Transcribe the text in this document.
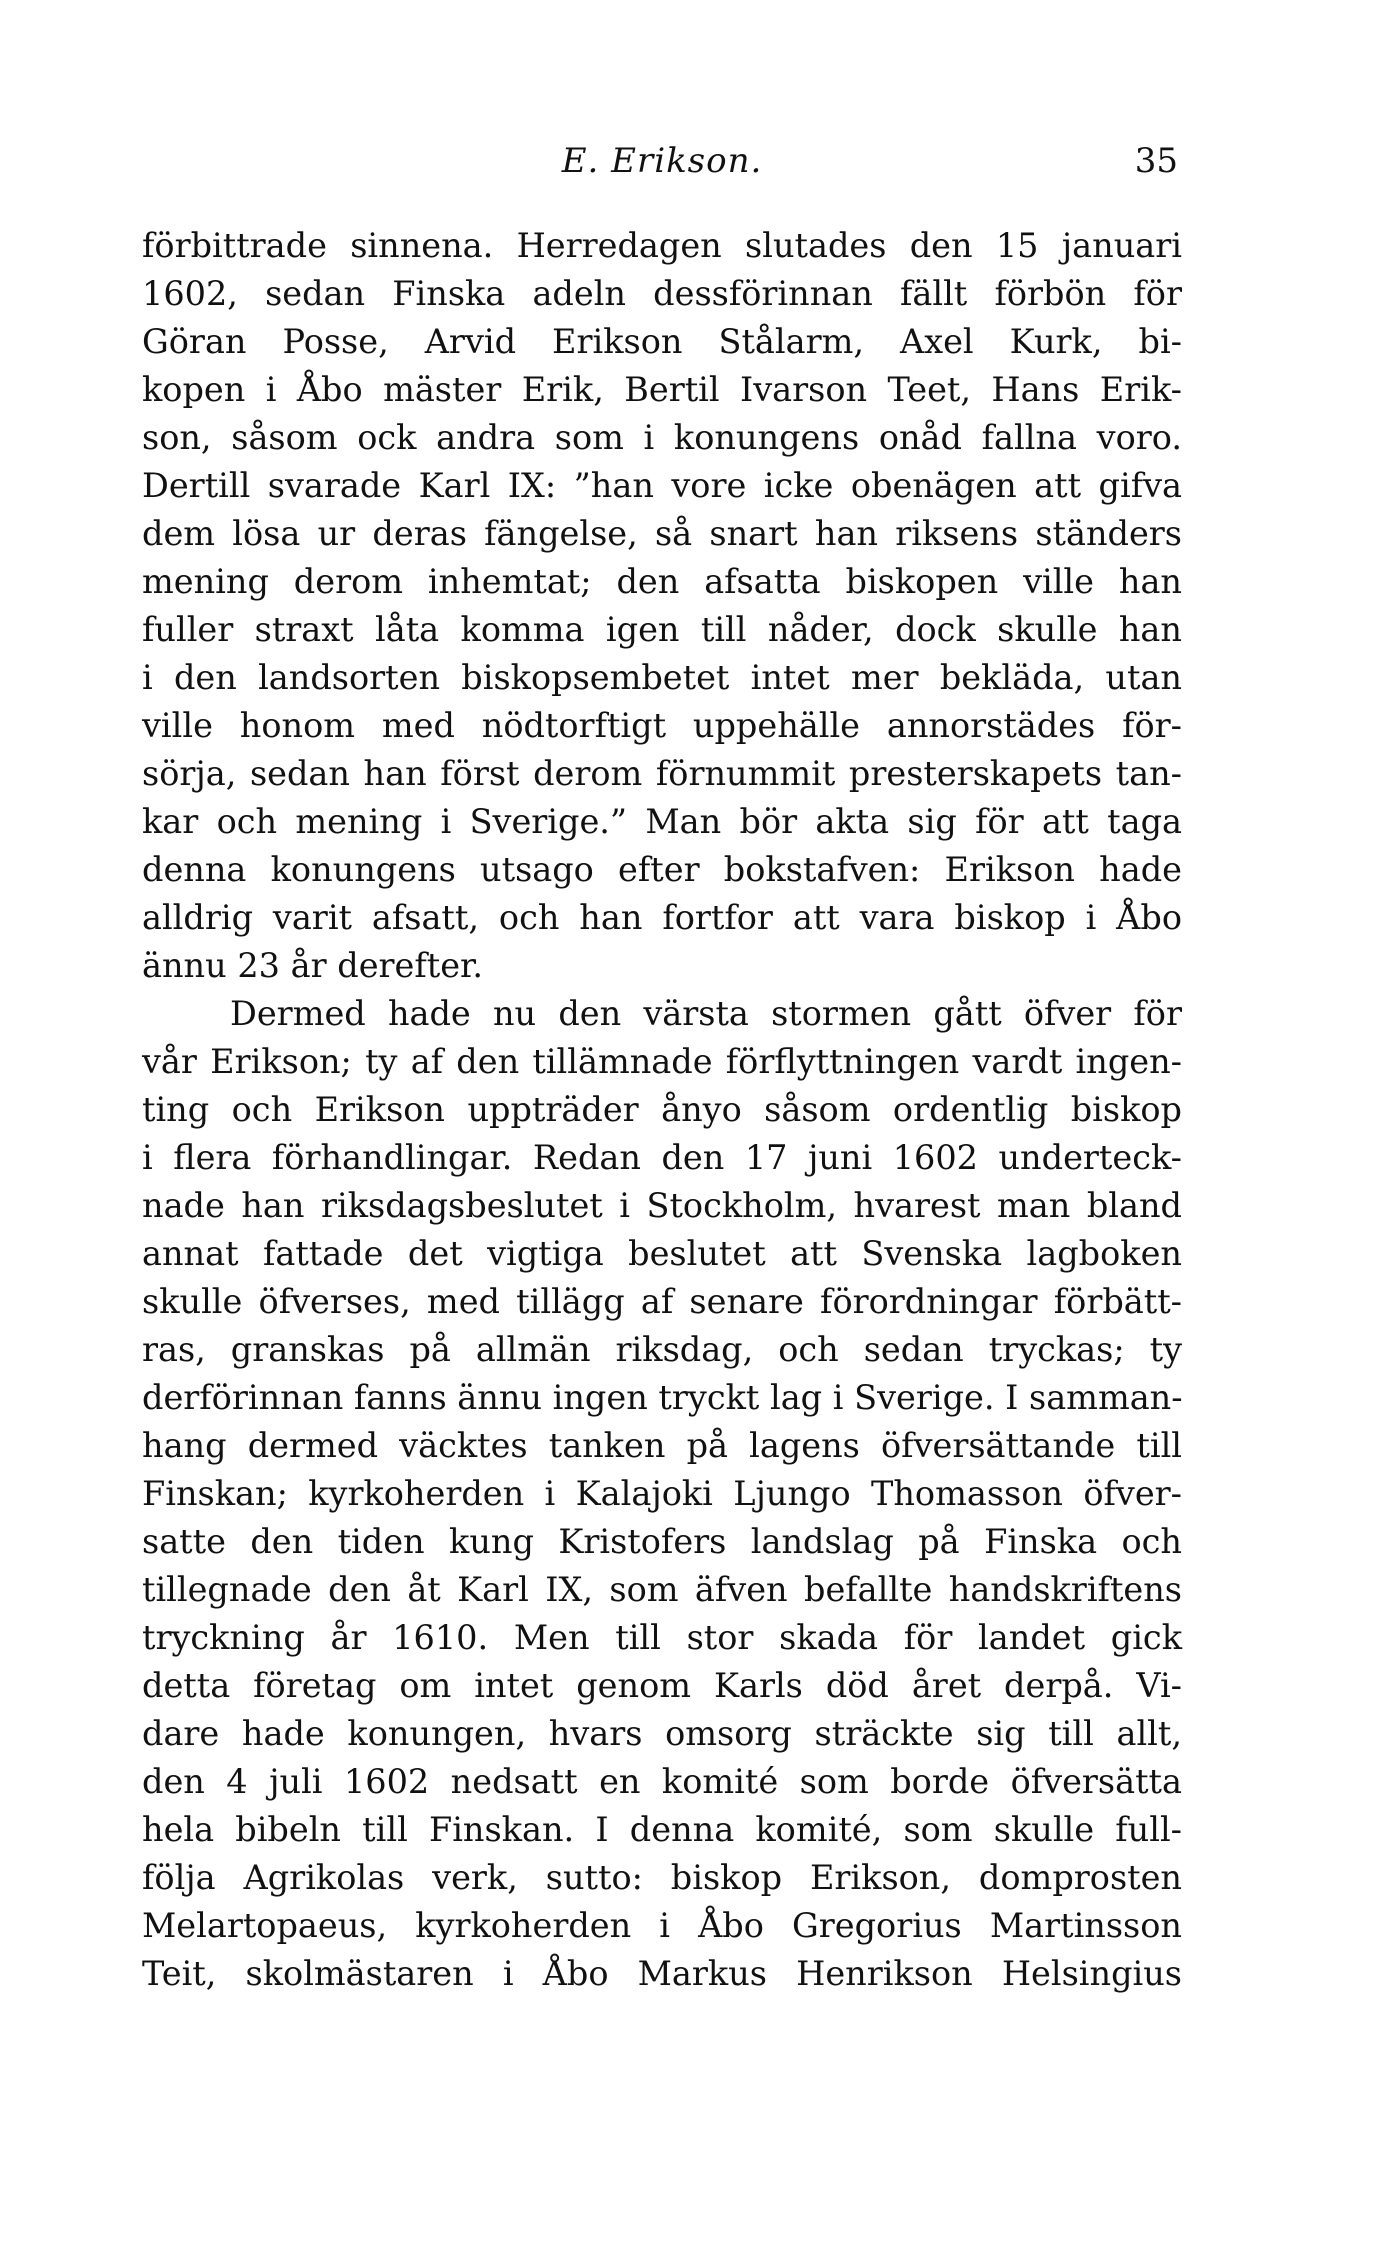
E. Erikson.	35
förbittrade sinnena. Herredagen slutades den 15 januari
1602, sedan Finska adeln dessförinnan fällt förbön för
Göran Posse, Arvid Erikson Stålarm, Axel Kurk, bi-
kopen i Åbo mäster Erik, Bertil Ivarson Teet, Hans Erik-
son, såsom ock andra som i konungens onåd fallna voro.
Dertill svarade Karl IX: ”han vore icke obenägen att gifva
dem lösa ur deras fängelse, så snart han riksens ständers
mening derom inhemtat; den afsatta biskopen ville han
fuller straxt låta komma igen till nåder, dock skulle han
i den landsorten biskopsembetet intet mer bekläda, utan
ville honom med nödtorftigt uppehälle annorstädes för-
sörja, sedan han först derom förnummit presterskapets tan-
kar och mening i Sverige.” Man bör akta sig för att taga
denna konungens utsago efter bokstafven: Erikson hade
alldrig varit afsatt, och han fortfor att vara biskop i Åbo
ännu 23 år derefter.
Dermed hade nu den värsta stormen gått öfver för
vår Erikson; ty af den tillämnade förflyttningen vardt ingen-
ting och Erikson uppträder ånyo såsom ordentlig biskop
i flera förhandlingar. Redan den 17 juni 1602 underteck-
nade han riksdagsbeslutet i Stockholm, hvarest man bland
annat fattade det vigtiga beslutet att Svenska lagboken
skulle öfverses, med tillägg af senare förordningar förbätt-
ras, granskas på allmän riksdag, och sedan tryckas; ty
derförinnan fanns ännu ingen tryckt lag i Sverige. I samman-
hang dermed väcktes tanken på lagens öfversättande till
Finskan; kyrkoherden i Kalajoki Ljungo Thomasson öfver-
satte den tiden kung Kristofers landslag på Finska och
tillegnade den åt Karl IX, som äfven befallte handskriftens
tryckning år 1610. Men till stor skada för landet gick
detta företag om intet genom Karls död året derpå. Vi-
dare hade konungen, hvars omsorg sträckte sig till allt,
den 4 juli 1602 nedsatt en komité som borde öfversätta
hela bibeln till Finskan. I denna komité, som skulle full-
följa Agrikolas verk, sutto: biskop Erikson, domprosten
Melartopaeus, kyrkoherden i Åbo Gregorius Martinsson
Teit, skolmästaren i Åbo Markus Henrikson Helsingius
